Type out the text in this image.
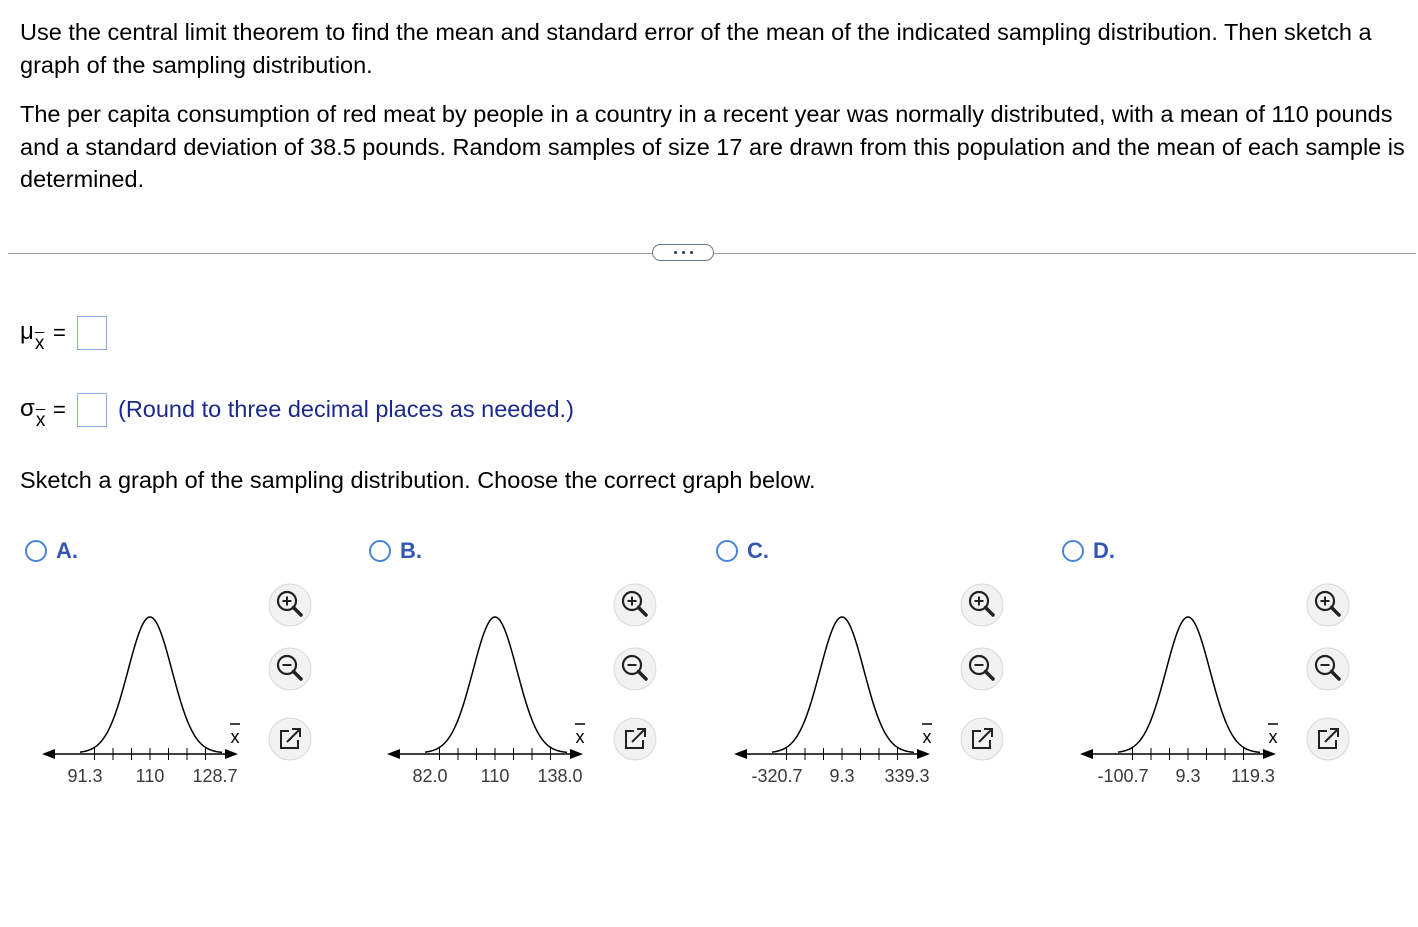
Use the central limit theorem to find the mean and standard error of the mean of the indicated sampling distribution. Then sketch a graph of the sampling distribution.

The per capita consumption of red meat by people in a country in a recent year was normally distributed, with a mean of 110 pounds and a standard deviation of 38.5 pounds. Random samples of size 17 are drawn from this population and the mean of each sample is determined.

$\mu_{\overline{x}}$ =
$\sigma_{\overline{x}}$ = (Round to three decimal places as needed.)
Sketch a graph of the sampling distribution. Choose the correct graph below.
A.	B.	C.	D.
91.3 110 128.7
x
82.0 110 138.0
x
-320.7 9.3 339.3
x
-100.7 9.3 119.3
x
